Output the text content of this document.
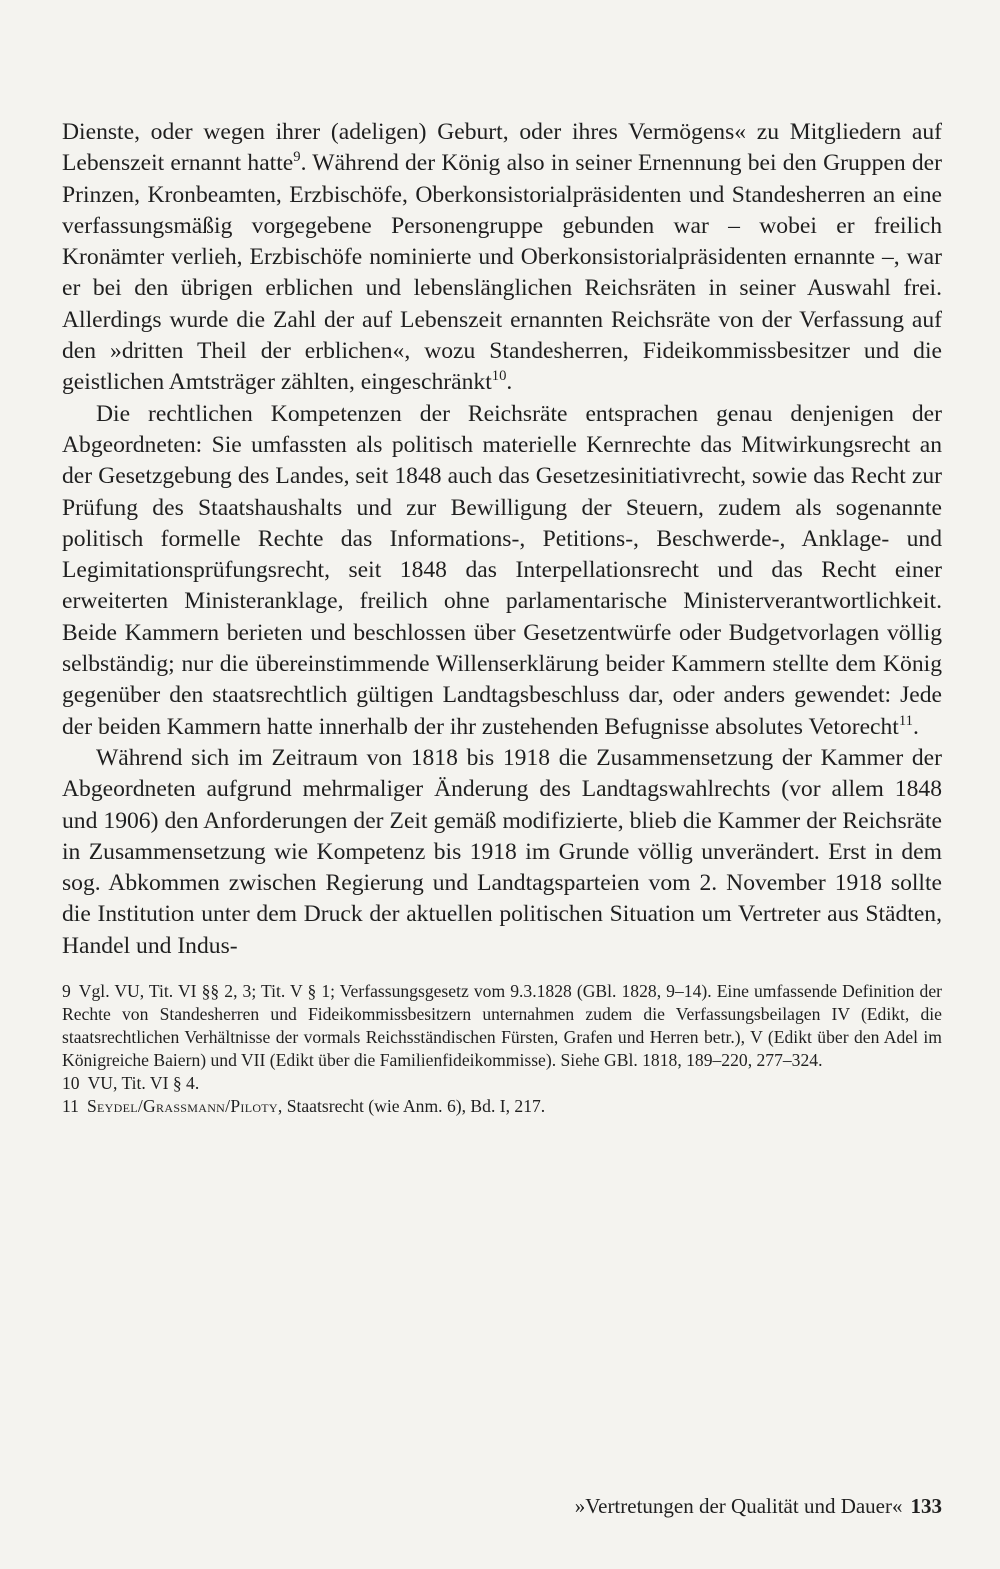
Dienste, oder wegen ihrer (adeligen) Geburt, oder ihres Vermögens« zu Mitgliedern auf Lebenszeit ernannt hatte$^9$. Während der König also in seiner Ernennung bei den Gruppen der Prinzen, Kronbeamten, Erzbischöfe, Oberkonsistorialpräsidenten und Standesherren an eine verfassungsmäßig vorgegebene Personengruppe gebunden war – wobei er freilich Kronämter verlieh, Erzbischöfe nominierte und Oberkonsistorialpräsidenten ernannte –, war er bei den übrigen erblichen und lebenslänglichen Reichsräten in seiner Auswahl frei. Allerdings wurde die Zahl der auf Lebenszeit ernannten Reichsräte von der Verfassung auf den »dritten Theil der erblichen«, wozu Standesherren, Fideikommissbesitzer und die geistlichen Amtsträger zählten, eingeschränkt$^{10}$.

Die rechtlichen Kompetenzen der Reichsräte entsprachen genau denjenigen der Abgeordneten: Sie umfassten als politisch materielle Kernrechte das Mitwirkungsrecht an der Gesetzgebung des Landes, seit 1848 auch das Gesetzesinitiativrecht, sowie das Recht zur Prüfung des Staatshaushalts und zur Bewilligung der Steuern, zudem als sogenannte politisch formelle Rechte das Informations-, Petitions-, Beschwerde-, Anklage- und Legimitationsprüfungsrecht, seit 1848 das Interpellationsrecht und das Recht einer erweiterten Ministeranklage, freilich ohne parlamentarische Ministerverantwortlichkeit. Beide Kammern berieten und beschlossen über Gesetzentwürfe oder Budgetvorlagen völlig selbständig; nur die übereinstimmende Willenserklärung beider Kammern stellte dem König gegenüber den staatsrechtlich gültigen Landtagsbeschluss dar, oder anders gewendet: Jede der beiden Kammern hatte innerhalb der ihr zustehenden Befugnisse absolutes Vetorecht$^{11}$.

Während sich im Zeitraum von 1818 bis 1918 die Zusammensetzung der Kammer der Abgeordneten aufgrund mehrmaliger Änderung des Landtagswahlrechts (vor allem 1848 und 1906) den Anforderungen der Zeit gemäß modifizierte, blieb die Kammer der Reichsräte in Zusammensetzung wie Kompetenz bis 1918 im Grunde völlig unverändert. Erst in dem sog. Abkommen zwischen Regierung und Landtagsparteien vom 2. November 1918 sollte die Institution unter dem Druck der aktuellen politischen Situation um Vertreter aus Städten, Handel und Indus-

9 Vgl. VU, Tit. VI §§ 2, 3; Tit. V § 1; Verfassungsgesetz vom 9.3.1828 (GBl. 1828, 9–14). Eine umfassende Definition der Rechte von Standesherren und Fideikommissbesitzern unternahmen zudem die Verfassungsbeilagen IV (Edikt, die staatsrechtlichen Verhältnisse der vormals Reichsständischen Fürsten, Grafen und Herren betr.), V (Edikt über den Adel im Königreiche Baiern) und VII (Edikt über die Familienfideikommisse). Siehe GBl. 1818, 189–220, 277–324.

10 VU, Tit. VI § 4.

11 Seydel/Grassmann/Piloty, Staatsrecht (wie Anm. 6), Bd. I, 217.

»Vertretungen der Qualität und Dauer« 133
